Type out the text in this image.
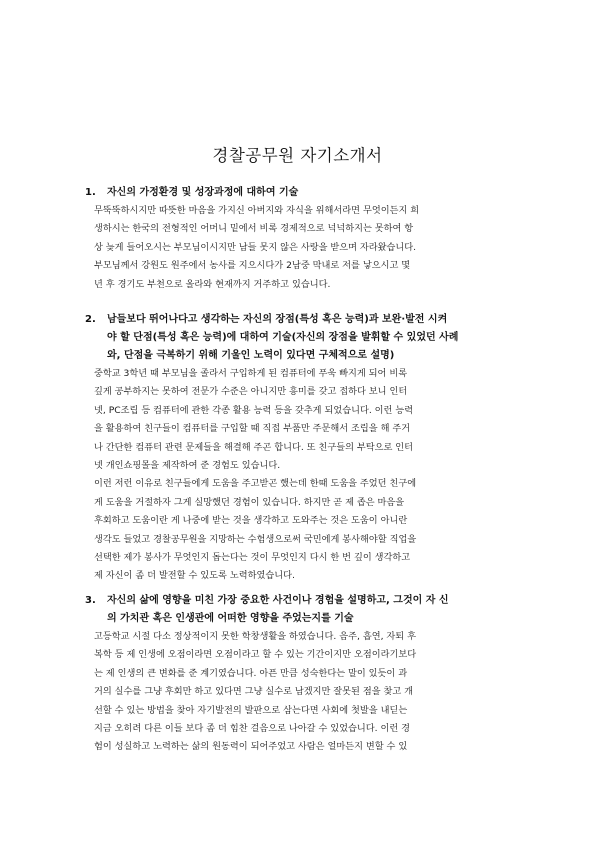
경찰공무원 자기소개서
1. 자신의 가정환경 및 성장과정에 대하여 기술
무뚝뚝하시지만 따뜻한 마음을 가지신 아버지와 자식을 위해서라면 무엇이든지 희
생하시는 한국의 전형적인 어머니 밑에서 비록 경제적으로 넉넉하지는 못하여 항
상 늦게 들어오시는 부모님이시지만 남들 못지 않은 사랑을 받으며 자라왔습니다.
부모님께서 강원도 원주에서 농사를 지으시다가 2남중 막내로 저를 낳으시고 몇
년 후 경기도 부천으로 올라와 현재까지 거주하고 있습니다.
2. 남들보다 뛰어나다고 생각하는 자신의 장점(특성 혹은 능력)과 보완·발전 시켜
야 할 단점(특성 혹은 능력)에 대하여 기술(자신의 장점을 발휘할 수 있었던 사례
와, 단점을 극복하기 위해 기울인 노력이 있다면 구체적으로 설명)
중학교 3학년 때 부모님을 졸라서 구입하게 된 컴퓨터에 푸욱 빠지게 되어 비록
깊게 공부하지는 못하여 전문가 수준은 아니지만 흥미를 갖고 접하다 보니 인터
넷, PC조립 등 컴퓨터에 관한 각종 활용 능력 등을 갖추게 되었습니다. 이런 능력
을 활용하여 친구들이 컴퓨터를 구입할 때 직접 부품만 주문해서 조립을 해 주거
나 간단한 컴퓨터 관련 문제들을 해결해 주곤 합니다. 또 친구들의 부탁으로 인터
넷 개인쇼핑몰을 제작하여 준 경험도 있습니다.
이런 저런 이유로 친구들에게 도움을 주고받곤 했는데 한때 도움을 주었던 친구에
게 도움을 거절하자 그게 실망했던 경험이 있습니다. 하지만 곧 제 좁은 마음을
후회하고 도움이란 게 나중에 받는 것을 생각하고 도와주는 것은 도움이 아니란
생각도 들었고 경찰공무원을 지망하는 수험생으로써 국민에게 봉사해야할 직업을
선택한 제가 봉사가 무엇인지 돕는다는 것이 무엇인지 다시 한 번 깊이 생각하고
제 자신이 좀 더 발전할 수 있도록 노력하였습니다.
3. 자신의 삶에 영향을 미친 가장 중요한 사건이나 경험을 설명하고, 그것이 자 신
의 가치관 혹은 인생관에 어떠한 영향을 주었는지를 기술
고등학교 시절 다소 정상적이지 못한 학창생활을 하였습니다. 음주, 흡연, 자퇴 후
복학 등 제 인생에 오점이라면 오점이라고 할 수 있는 기간이지만 오점이라기보다
는 제 인생의 큰 변화를 준 계기였습니다. 아픈 만큼 성숙한다는 말이 있듯이 과
거의 실수를 그냥 후회만 하고 있다면 그냥 실수로 남겠지만 잘못된 점을 찾고 개
선할 수 있는 방법을 찾아 자기발전의 발판으로 삼는다면 사회에 첫발을 내딛는
지금 오히려 다른 이들 보다 좀 더 힘찬 걸음으로 나아갈 수 있었습니다. 이런 경
험이 성실하고 노력하는 삶의 원동력이 되어주었고 사람은 얼마든지 변할 수 있
